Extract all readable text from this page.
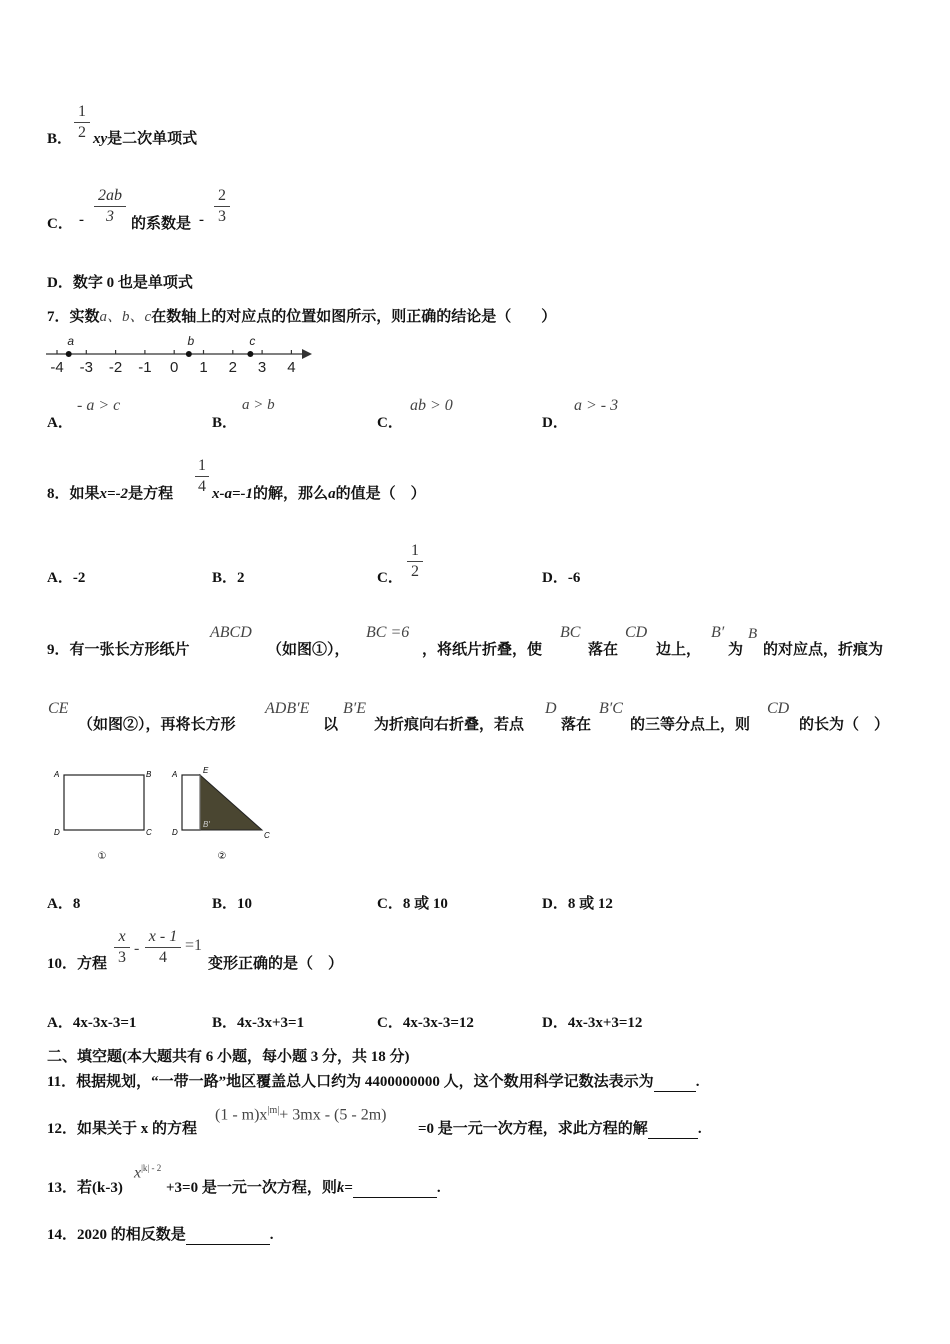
B．
1
2 xy是二次单项式
C． -
2ab
3	的系数是 -
2
3
D．数字 0 也是单项式
7．实数a、b、c在数轴上的对应点的位置如图所示，则正确的结论是（　　）
-4 -3 -2 -1 0 1 2 3 4
a	b	c
A．
- a > c
B．
a > b
C．
ab > 0
D．
a > - 3
8．如果x=-2是方程
1
4 x-a=-1的解，那么a的值是（　）
A．-2	B．2	C．
1
2	D．-6
9．有一张长方形纸片
ABCD
（如图①），
BC =6
，将纸片折叠，使
BC
落在
CD
边上，
B′
为
B
的对应点，折痕为
CE
（如图②），再将长方形
ADB′E
以
B′E
为折痕向右折叠，若点
D
落在
B′C
的三等分点上，则
CD
的长为（　）
A	B
D	C
①
A	E
D
B′
C
②
A．8	B．10	C．8 或 10	D．8 或 12
10．方程
x
3
-
x - 1
4
=1
变形正确的是（　）
A．4x-3x-3=1	B．4x-3x+3=1	C．4x-3x-3=12	D．4x-3x+3=12
二、填空题(本大题共有 6 小题，每小题 3 分，共 18 分)
11．根据规划，“一带一路”地区覆盖总人口约为 4400000000 人，这个数用科学记数法表示为	.
12．如果关于 x 的方程
$(1 - m)x^{|m|}+ 3mx - (5 - 2m)$
=0 是一元一次方程，求此方程的解	.
13．若(k-3)
$x^{|k| - 2}$
+3=0 是一元一次方程，则k=	.
14．2020 的相反数是	.
